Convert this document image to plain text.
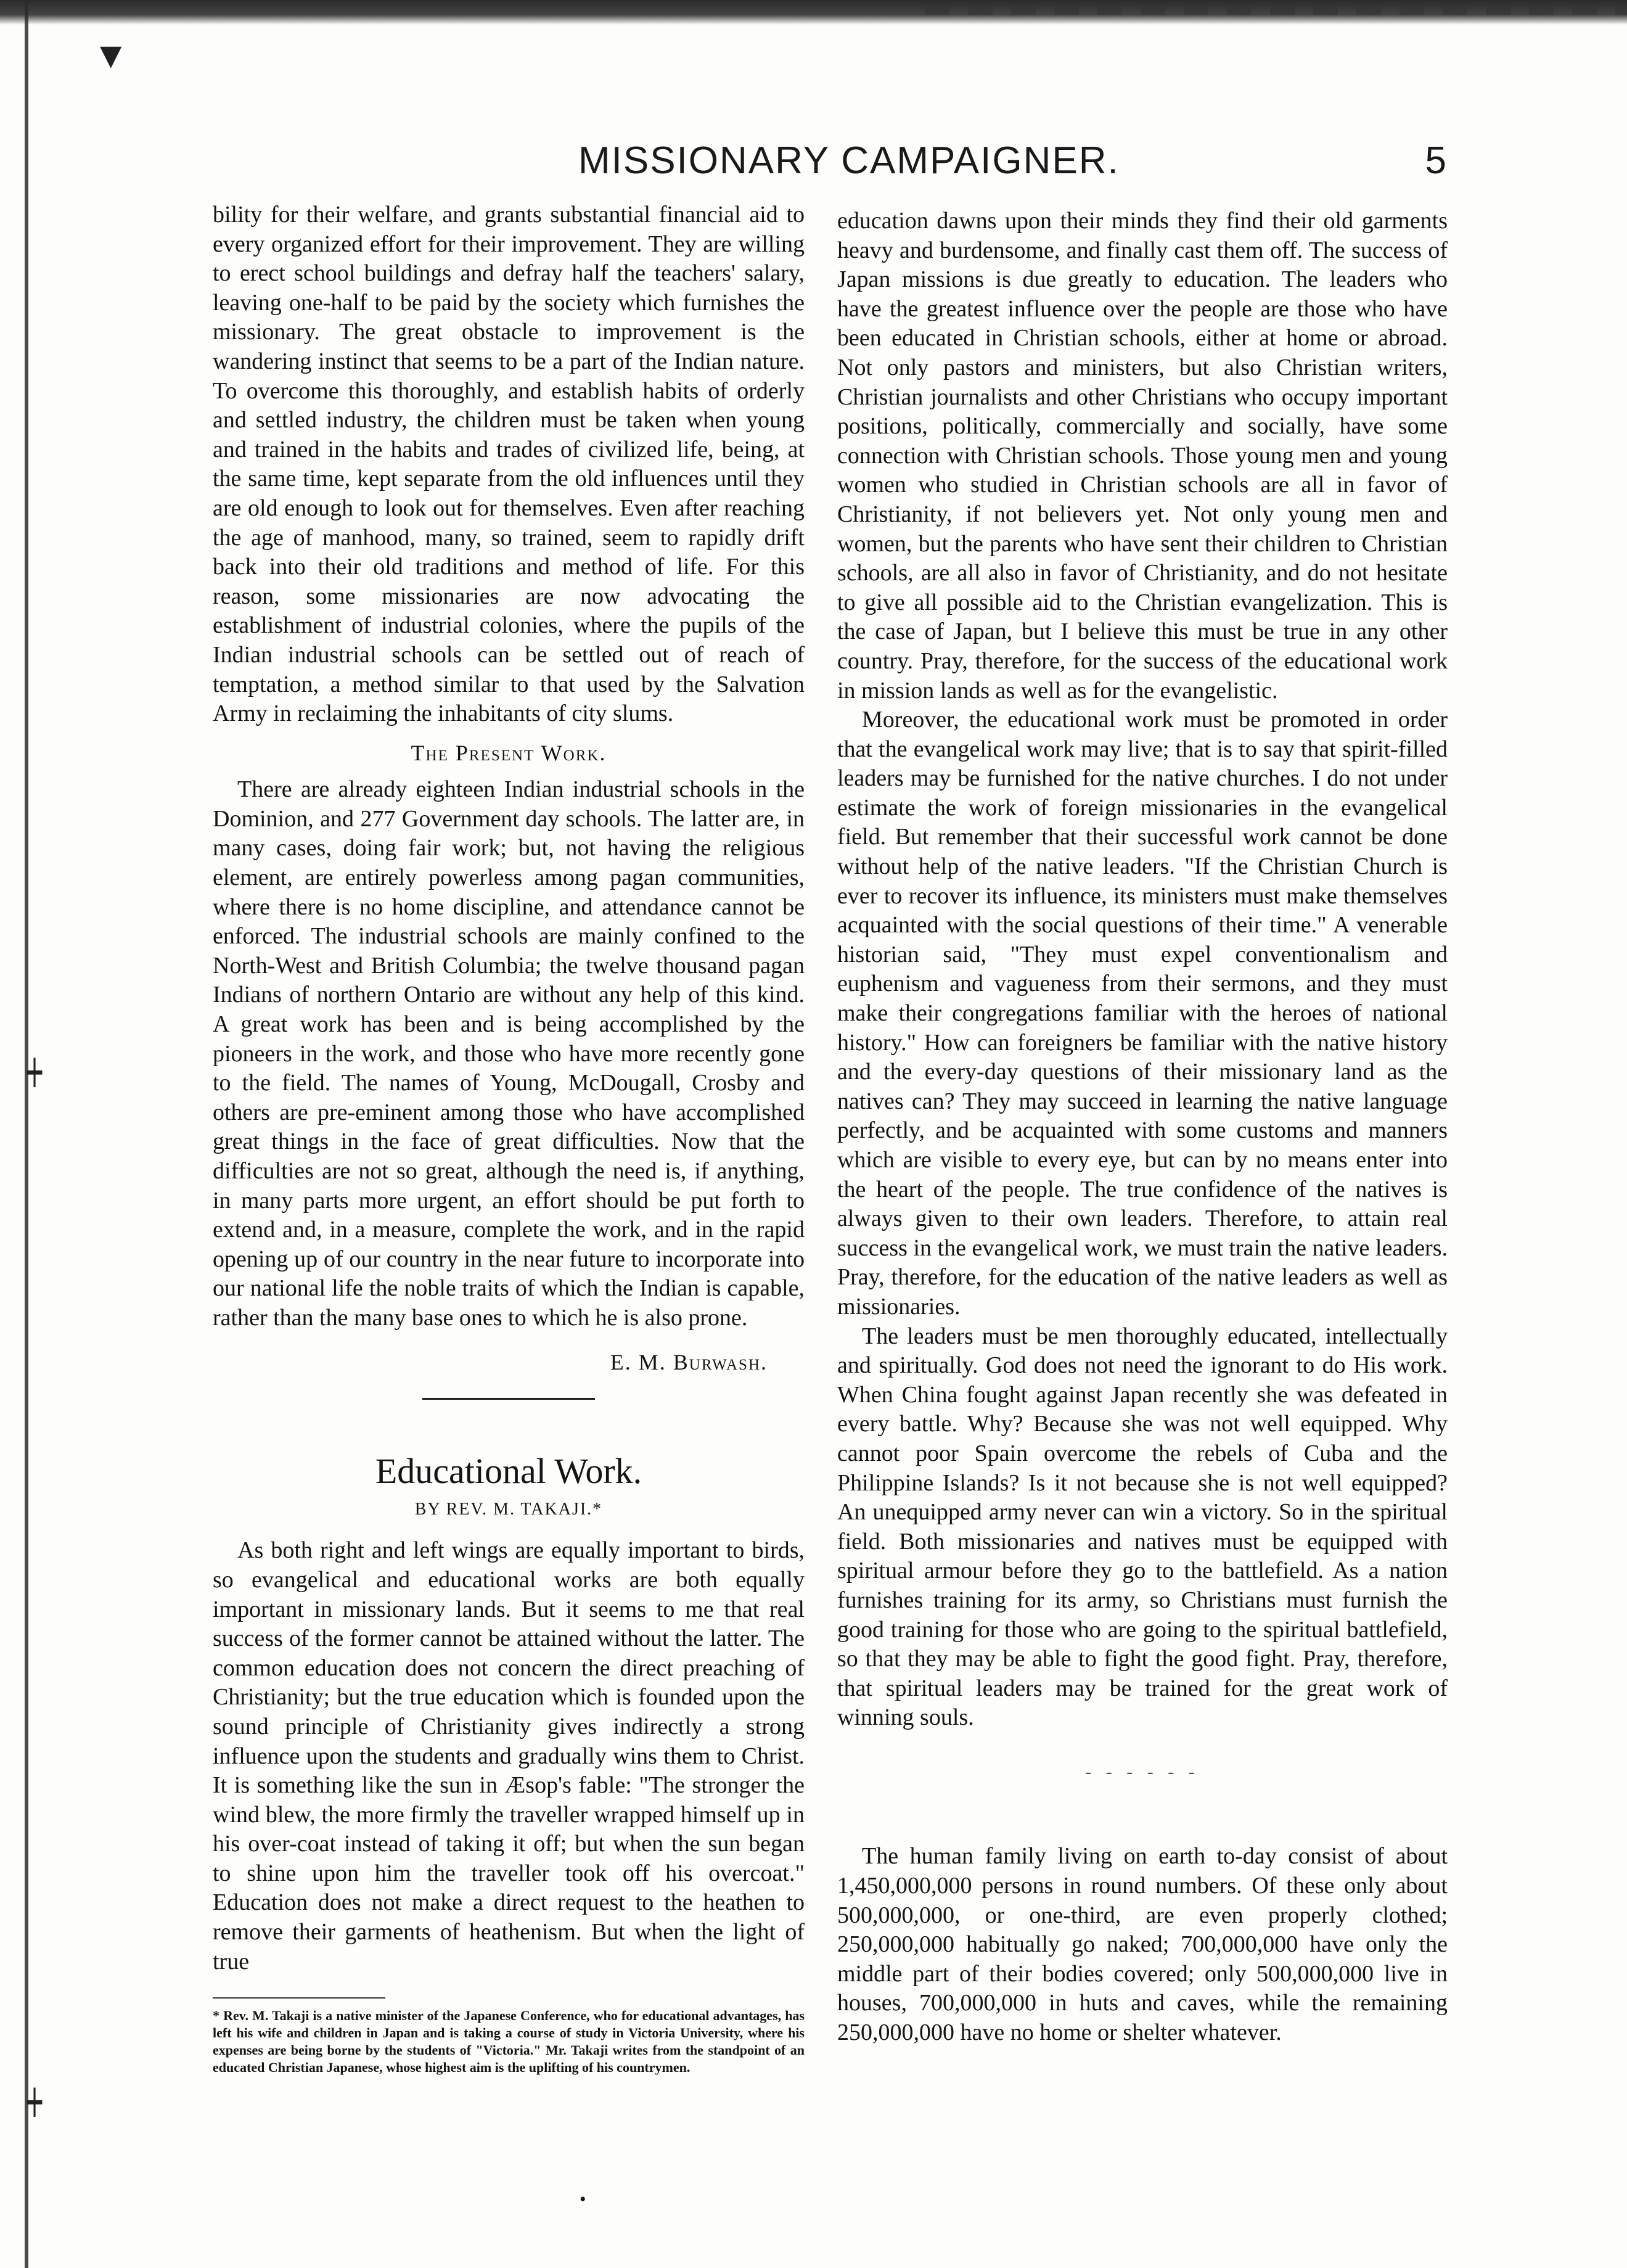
▼
┿
┿
MISSIONARY CAMPAIGNER.	5

bility for their welfare, and grants substantial financial aid to every organized effort for their improvement. They are willing to erect school buildings and defray half the teachers' salary, leaving one-half to be paid by the society which furnishes the missionary. The great obstacle to improvement is the wandering instinct that seems to be a part of the Indian nature. To overcome this thoroughly, and establish habits of orderly and settled industry, the children must be taken when young and trained in the habits and trades of civilized life, being, at the same time, kept separate from the old influences until they are old enough to look out for themselves. Even after reaching the age of manhood, many, so trained, seem to rapidly drift back into their old traditions and method of life. For this reason, some missionaries are now advocating the establishment of industrial colonies, where the pupils of the Indian industrial schools can be settled out of reach of temptation, a method similar to that used by the Salvation Army in reclaiming the inhabitants of city slums.

The Present Work.

There are already eighteen Indian industrial schools in the Dominion, and 277 Government day schools. The latter are, in many cases, doing fair work; but, not having the religious element, are entirely powerless among pagan communities, where there is no home discipline, and attendance cannot be enforced. The industrial schools are mainly confined to the North-West and British Columbia; the twelve thousand pagan Indians of northern Ontario are without any help of this kind. A great work has been and is being accomplished by the pioneers in the work, and those who have more recently gone to the field. The names of Young, McDougall, Crosby and others are pre-eminent among those who have accomplished great things in the face of great difficulties. Now that the difficulties are not so great, although the need is, if anything, in many parts more urgent, an effort should be put forth to extend and, in a measure, complete the work, and in the rapid opening up of our country in the near future to incorporate into our national life the noble traits of which the Indian is capable, rather than the many base ones to which he is also prone.

E. M. Burwash.
Educational Work.
BY REV. M. TAKAJI.*

As both right and left wings are equally important to birds, so evangelical and educational works are both equally important in missionary lands. But it seems to me that real success of the former cannot be attained without the latter. The common education does not concern the direct preaching of Christianity; but the true education which is founded upon the sound principle of Christianity gives indirectly a strong influence upon the students and gradually wins them to Christ. It is something like the sun in Æsop's fable: "The stronger the wind blew, the more firmly the traveller wrapped himself up in his over-coat instead of taking it off; but when the sun began to shine upon him the traveller took off his overcoat." Education does not make a direct request to the heathen to remove their garments of heathenism. But when the light of true

* Rev. M. Takaji is a native minister of the Japanese Conference, who for educational advantages, has left his wife and children in Japan and is taking a course of study in Victoria University, where his expenses are being borne by the students of "Victoria." Mr. Takaji writes from the standpoint of an educated Christian Japanese, whose highest aim is the uplifting of his countrymen.

education dawns upon their minds they find their old garments heavy and burdensome, and finally cast them off. The success of Japan missions is due greatly to education. The leaders who have the greatest influence over the people are those who have been educated in Christian schools, either at home or abroad. Not only pastors and ministers, but also Christian writers, Christian journalists and other Christians who occupy important positions, politically, commercially and socially, have some connection with Christian schools. Those young men and young women who studied in Christian schools are all in favor of Christianity, if not believers yet. Not only young men and women, but the parents who have sent their children to Christian schools, are all also in favor of Christianity, and do not hesitate to give all possible aid to the Christian evangelization. This is the case of Japan, but I believe this must be true in any other country. Pray, therefore, for the success of the educational work in mission lands as well as for the evangelistic.

Moreover, the educational work must be promoted in order that the evangelical work may live; that is to say that spirit-filled leaders may be furnished for the native churches. I do not under estimate the work of foreign missionaries in the evangelical field. But remember that their successful work cannot be done without help of the native leaders. "If the Christian Church is ever to recover its influence, its ministers must make themselves acquainted with the social questions of their time." A venerable historian said, "They must expel conventionalism and euphenism and vagueness from their sermons, and they must make their congregations familiar with the heroes of national history." How can foreigners be familiar with the native history and the every-day questions of their missionary land as the natives can? They may succeed in learning the native language perfectly, and be acquainted with some customs and manners which are visible to every eye, but can by no means enter into the heart of the people. The true confidence of the natives is always given to their own leaders. Therefore, to attain real success in the evangelical work, we must train the native leaders. Pray, therefore, for the education of the native leaders as well as missionaries.

The leaders must be men thoroughly educated, intellectually and spiritually. God does not need the ignorant to do His work. When China fought against Japan recently she was defeated in every battle. Why? Because she was not well equipped. Why cannot poor Spain overcome the rebels of Cuba and the Philippine Islands? Is it not because she is not well equipped? An unequipped army never can win a victory. So in the spiritual field. Both missionaries and natives must be equipped with spiritual armour before they go to the battlefield. As a nation furnishes training for its army, so Christians must furnish the good training for those who are going to the spiritual battlefield, so that they may be able to fight the good fight. Pray, therefore, that spiritual leaders may be trained for the great work of winning souls.

- - - - - -

The human family living on earth to-day consist of about 1,450,000,000 persons in round numbers. Of these only about 500,000,000, or one-third, are even properly clothed; 250,000,000 habitually go naked; 700,000,000 have only the middle part of their bodies covered; only 500,000,000 live in houses, 700,000,000 in huts and caves, while the remaining 250,000,000 have no home or shelter whatever.

•
